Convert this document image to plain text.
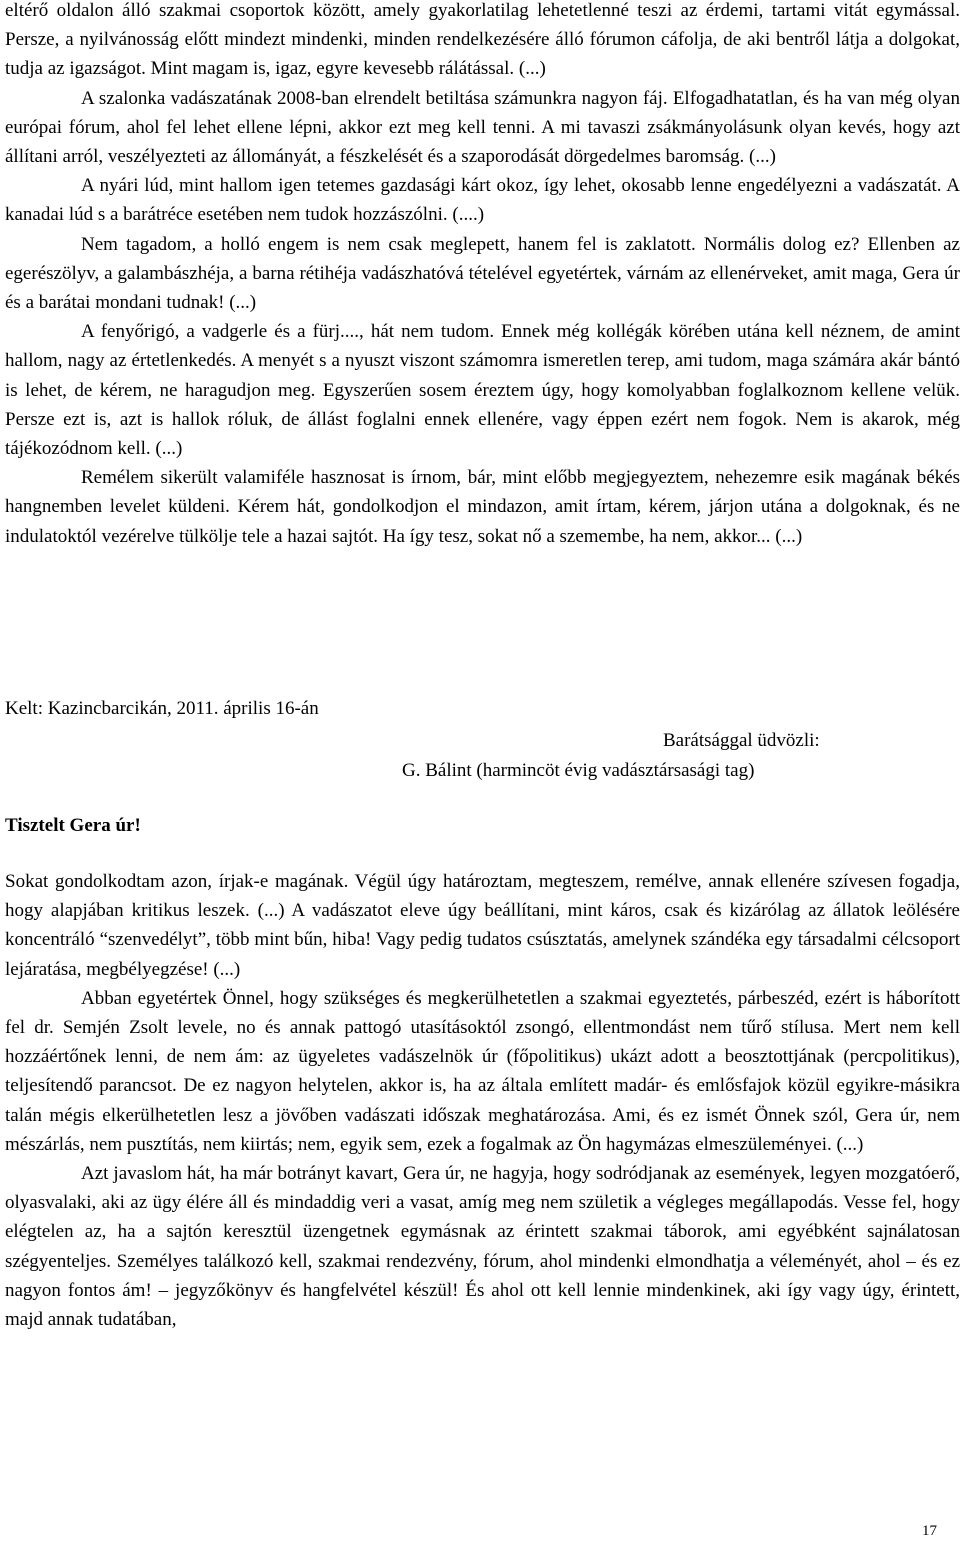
eltérő oldalon álló szakmai csoportok között, amely gyakorlatilag lehetetlenné teszi az érdemi, tartami vitát egymással. Persze, a nyilvánosság előtt mindezt mindenki, minden rendelkezésére álló fórumon cáfolja, de aki bentről látja a dolgokat, tudja az igazságot. Mint magam is, igaz, egyre kevesebb rálátással. (...)

A szalonka vadászatának 2008-ban elrendelt betiltása számunkra nagyon fáj. Elfogadhatatlan, és ha van még olyan európai fórum, ahol fel lehet ellene lépni, akkor ezt meg kell tenni. A mi tavaszi zsákmányolásunk olyan kevés, hogy azt állítani arról, veszélyezteti az állományát, a fészkelését és a szaporodását dörgedelmes baromság. (...)

A nyári lúd, mint hallom igen tetemes gazdasági kárt okoz, így lehet, okosabb lenne engedélyezni a vadászatát. A kanadai lúd s a barátréce esetében nem tudok hozzászólni. (....)

Nem tagadom, a holló engem is nem csak meglepett, hanem fel is zaklatott. Normális dolog ez? Ellenben az egerészölyv, a galambászhéja, a barna rétihéja vadászhatóvá tételével egyetértek, várnám az ellenérveket, amit maga, Gera úr és a barátai mondani tudnak! (...)

A fenyőrigó, a vadgerle és a fürj...., hát nem tudom. Ennek még kollégák körében utána kell néznem, de amint hallom, nagy az értetlenkedés. A menyét s a nyuszt viszont számomra ismeretlen terep, ami tudom, maga számára akár bántó is lehet, de kérem, ne haragudjon meg. Egyszerűen sosem éreztem úgy, hogy komolyabban foglalkoznom kellene velük. Persze ezt is, azt is hallok róluk, de állást foglalni ennek ellenére, vagy éppen ezért nem fogok. Nem is akarok, még tájékozódnom kell. (...)

Remélem sikerült valamiféle hasznosat is írnom, bár, mint előbb megjegyeztem, nehezemre esik magának békés hangnemben levelet küldeni. Kérem hát, gondolkodjon el mindazon, amit írtam, kérem, járjon utána a dolgoknak, és ne indulatoktól vezérelve tülkölje tele a hazai sajtót. Ha így tesz, sokat nő a szemembe, ha nem, akkor... (...)

Kelt: Kazincbarcikán, 2011. április 16-án
Barátsággal üdvözli:
G. Bálint (harmincöt évig vadásztársasági tag)
Tisztelt Gera úr!

Sokat gondolkodtam azon, írjak-e magának. Végül úgy határoztam, megteszem, remélve, annak ellenére szívesen fogadja, hogy alapjában kritikus leszek. (...) A vadászatot eleve úgy beállítani, mint káros, csak és kizárólag az állatok leölésére koncentráló “szenvedélyt”, több mint bűn, hiba! Vagy pedig tudatos csúsztatás, amelynek szándéka egy társadalmi célcsoport lejáratása, megbélyegzése! (...)

Abban egyetértek Önnel, hogy szükséges és megkerülhetetlen a szakmai egyeztetés, párbeszéd, ezért is háborított fel dr. Semjén Zsolt levele, no és annak pattogó utasításoktól zsongó, ellentmondást nem tűrő stílusa. Mert nem kell hozzáértőnek lenni, de nem ám: az ügyeletes vadászelnök úr (főpolitikus) ukázt adott a beosztottjának (percpolitikus), teljesítendő parancsot. De ez nagyon helytelen, akkor is, ha az általa említett madár- és emlősfajok közül egyikre-másikra talán mégis elkerülhetetlen lesz a jövőben vadászati időszak meghatározása. Ami, és ez ismét Önnek szól, Gera úr, nem mészárlás, nem pusztítás, nem kiirtás; nem, egyik sem, ezek a fogalmak az Ön hagymázas elmeszüleményei. (...)

Azt javaslom hát, ha már botrányt kavart, Gera úr, ne hagyja, hogy sodródjanak az események, legyen mozgatóerő, olyasvalaki, aki az ügy élére áll és mindaddig veri a vasat, amíg meg nem születik a végleges megállapodás. Vesse fel, hogy elégtelen az, ha a sajtón keresztül üzengetnek egymásnak az érintett szakmai táborok, ami egyébként sajnálatosan szégyenteljes. Személyes találkozó kell, szakmai rendezvény, fórum, ahol mindenki elmondhatja a véleményét, ahol – és ez nagyon fontos ám! – jegyzőkönyv és hangfelvétel készül! És ahol ott kell lennie mindenkinek, aki így vagy úgy, érintett, majd annak tudatában,

17
